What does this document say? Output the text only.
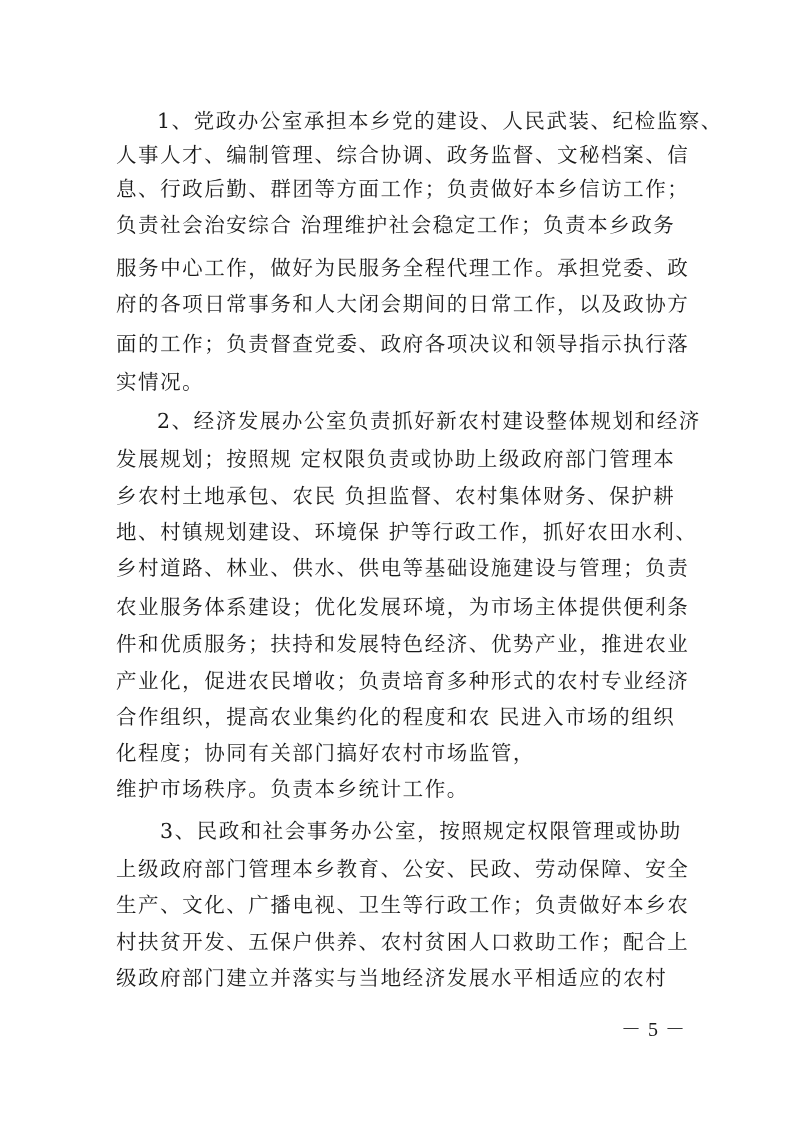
1、党政办公室承担本乡党的建设、人民武装、纪检监察、
人事人才、编制管理、综合协调、政务监督、文秘档案、信
息、行政后勤、群团等方面工作；负责做好本乡信访工作；
负责社会治安综合 治理维护社会稳定工作；负责本乡政务
服务中心工作，做好为民服务全程代理工作。承担党委、政
府的各项日常事务和人大闭会期间的日常工作，以及政协方
面的工作；负责督查党委、政府各项决议和领导指示执行落
实情况。
2、经济发展办公室负责抓好新农村建设整体规划和经济
发展规划；按照规 定权限负责或协助上级政府部门管理本
乡农村土地承包、农民 负担监督、农村集体财务、保护耕
地、村镇规划建设、环境保 护等行政工作，抓好农田水利、
乡村道路、林业、供水、供电等基础设施建设与管理；负责
农业服务体系建设；优化发展环境，为市场主体提供便利条
件和优质服务；扶持和发展特色经济、优势产业，推进农业
产业化，促进农民增收；负责培育多种形式的农村专业经济
合作组织，提高农业集约化的程度和农 民进入市场的组织
化程度；协同有关部门搞好农村市场监管，
维护市场秩序。负责本乡统计工作。
3、民政和社会事务办公室，按照规定权限管理或协助
上级政府部门管理本乡教育、公安、民政、劳动保障、安全
生产、文化、广播电视、卫生等行政工作；负责做好本乡农
村扶贫开发、五保户供养、农村贫困人口救助工作；配合上
级政府部门建立并落实与当地经济发展水平相适应的农村
－ 5 －
